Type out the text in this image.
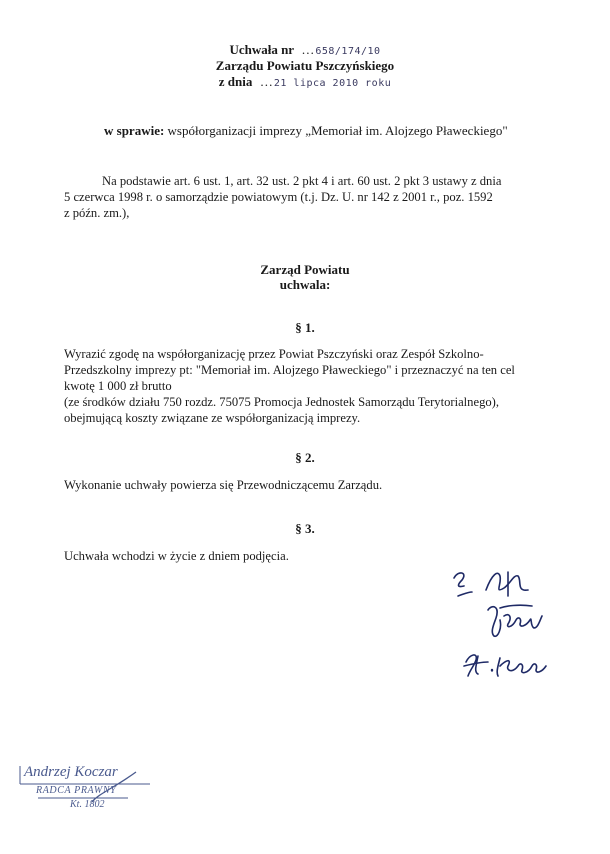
Uchwała nr  …658/174/10
Zarządu Powiatu Pszczyńskiego
z dnia  …21 lipca 2010 roku
w sprawie: współorganizacji imprezy „Memoriał im. Alojzego Pławeckiego"
Na podstawie art. 6 ust. 1, art. 32 ust. 2 pkt 4 i art. 60 ust. 2 pkt 3 ustawy z dnia
5 czerwca 1998 r. o samorządzie powiatowym (t.j. Dz. U. nr 142 z 2001 r., poz. 1592
z późn. zm.),
Zarząd Powiatu
uchwala:
§ 1.
Wyrazić zgodę na współorganizację przez Powiat Pszczyński oraz Zespół Szkolno-
Przedszkolny imprezy pt: "Memoriał im. Alojzego Pławeckiego" i przeznaczyć na ten cel
kwotę 1 000 zł brutto
(ze środków działu 750 rozdz. 75075 Promocja Jednostek Samorządu Terytorialnego),
obejmującą koszty związane ze współorganizacją imprezy.
§ 2.
Wykonanie uchwały powierza się Przewodniczącemu Zarządu.
§ 3.
Uchwała wchodzi w życie z dniem podjęcia.
Andrzej Koczar
RADCA PRAWNY
Kt. 1802
